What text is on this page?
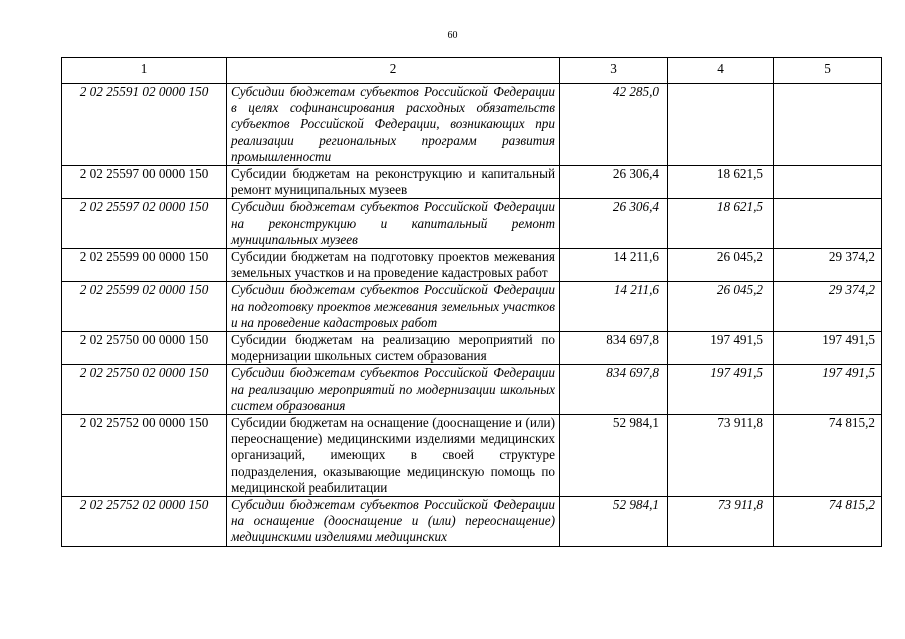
60
1	2	3	4	5
2 02 25591 02 0000 150	Субсидии бюджетам субъектов Российской Федерации в целях софинансирования расходных обязательств субъектов Российской Федерации, возникающих при реализации региональных программ развития промышленности	42 285,0		
2 02 25597 00 0000 150	Субсидии бюджетам на реконструкцию и капитальный ремонт муниципальных музеев	26 306,4	18 621,5	
2 02 25597 02 0000 150	Субсидии бюджетам субъектов Российской Федерации на реконструкцию и капитальный ремонт муниципальных музеев	26 306,4	18 621,5	
2 02 25599 00 0000 150	Субсидии бюджетам на подготовку проектов межевания земельных участков и на проведение кадастровых работ	14 211,6	26 045,2	29 374,2
2 02 25599 02 0000 150	Субсидии бюджетам субъектов Российской Федерации на подготовку проектов межевания земельных участков и на проведение кадастровых работ	14 211,6	26 045,2	29 374,2
2 02 25750 00 0000 150	Субсидии бюджетам на реализацию мероприятий по модернизации школьных систем образования	834 697,8	197 491,5	197 491,5
2 02 25750 02 0000 150	Субсидии бюджетам субъектов Российской Федерации на реализацию мероприятий по модернизации школьных систем образования	834 697,8	197 491,5	197 491,5
2 02 25752 00 0000 150	Субсидии бюджетам на оснащение (дооснащение и (или) переоснащение) медицинскими изделиями медицинских организаций, имеющих в своей структуре подразделения, оказывающие медицинскую помощь по медицинской реабилитации	52 984,1	73 911,8	74 815,2
2 02 25752 02 0000 150	Субсидии бюджетам субъектов Российской Федерации на оснащение (дооснащение и (или) переоснащение) медицинскими изделиями медицинских	52 984,1	73 911,8	74 815,2
